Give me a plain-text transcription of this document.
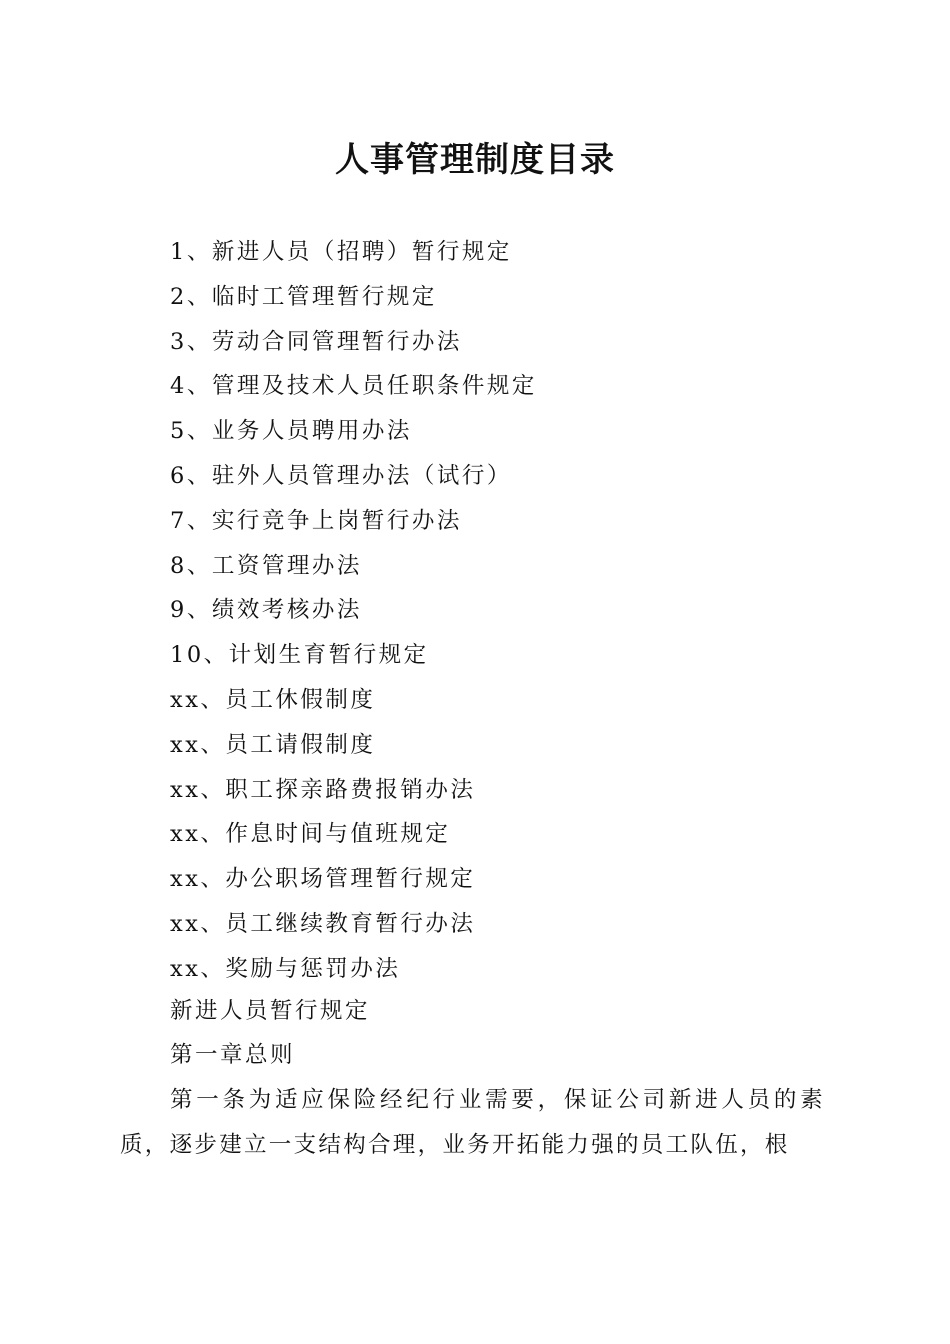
人事管理制度目录
1、新进人员（招聘）暂行规定
2、临时工管理暂行规定
3、劳动合同管理暂行办法
4、管理及技术人员任职条件规定
5、业务人员聘用办法
6、驻外人员管理办法（试行）
7、实行竞争上岗暂行办法
8、工资管理办法
9、绩效考核办法
10、计划生育暂行规定
xx、员工休假制度
xx、员工请假制度
xx、职工探亲路费报销办法
xx、作息时间与值班规定
xx、办公职场管理暂行规定
xx、员工继续教育暂行办法
xx、奖励与惩罚办法
新进人员暂行规定
第一章总则

第一条为适应保险经纪行业需要，保证公司新进人员的素质，逐步建立一支结构合理，业务开拓能力强的员工队伍，根
